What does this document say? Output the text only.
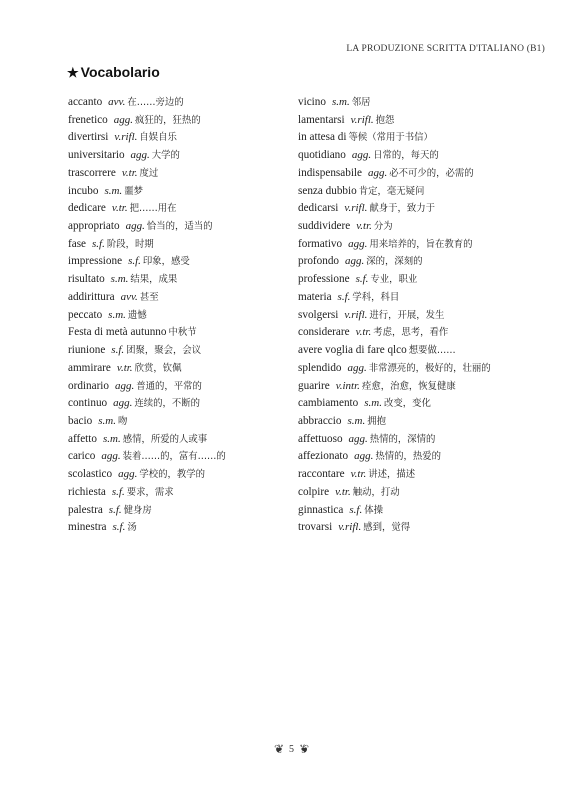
LA PRODUZIONE SCRITTA D'ITALIANO (B1)
★ Vocabolario
accanto avv. 在……旁边的
frenetico agg. 疯狂的，狂热的
divertirsi v.rifl. 自娱自乐
universitario agg. 大学的
trascorrere v.tr. 度过
incubo s.m. 噩梦
dedicare v.tr. 把……用在
appropriato agg. 恰当的，适当的
fase s.f. 阶段，时期
impressione s.f. 印象，感受
risultato s.m. 结果，成果
addirittura avv. 甚至
peccato s.m. 遗憾
Festa di metà autunno 中秋节
riunione s.f. 团聚，聚会，会议
ammirare v.tr. 欣赏，钦佩
ordinario agg. 普通的，平常的
continuo agg. 连续的，不断的
bacio s.m. 吻
affetto s.m. 感情，所爱的人或事
carico agg. 装着……的，富有……的
scolastico agg. 学校的，教学的
richiesta s.f. 要求，需求
palestra s.f. 健身房
minestra s.f. 汤
vicino s.m. 邻居
lamentarsi v.rifl. 抱怨
in attesa di 等候（常用于书信）
quotidiano agg. 日常的，每天的
indispensabile agg. 必不可少的，必需的
senza dubbio 肯定，毫无疑问
dedicarsi v.rifl. 献身于，致力于
suddividere v.tr. 分为
formativo agg. 用来培养的，旨在教育的
profondo agg. 深的，深刻的
professione s.f. 专业，职业
materia s.f. 学科，科目
svolgersi v.rifl. 进行，开展，发生
considerare v.tr. 考虑，思考，看作
avere voglia di fare qlco 想要做……
splendido agg. 非常漂亮的，极好的，壮丽的
guarire v.intr. 痊愈，治愈，恢复健康
cambiamento s.m. 改变，变化
abbraccio s.m. 拥抱
affettuoso agg. 热情的，深情的
affezionato agg. 热情的，热爱的
raccontare v.tr. 讲述，描述
colpire v.tr. 触动，打动
ginnastica s.f. 体操
trovarsi v.rifl. 感到，觉得
❦ 5 ❦
